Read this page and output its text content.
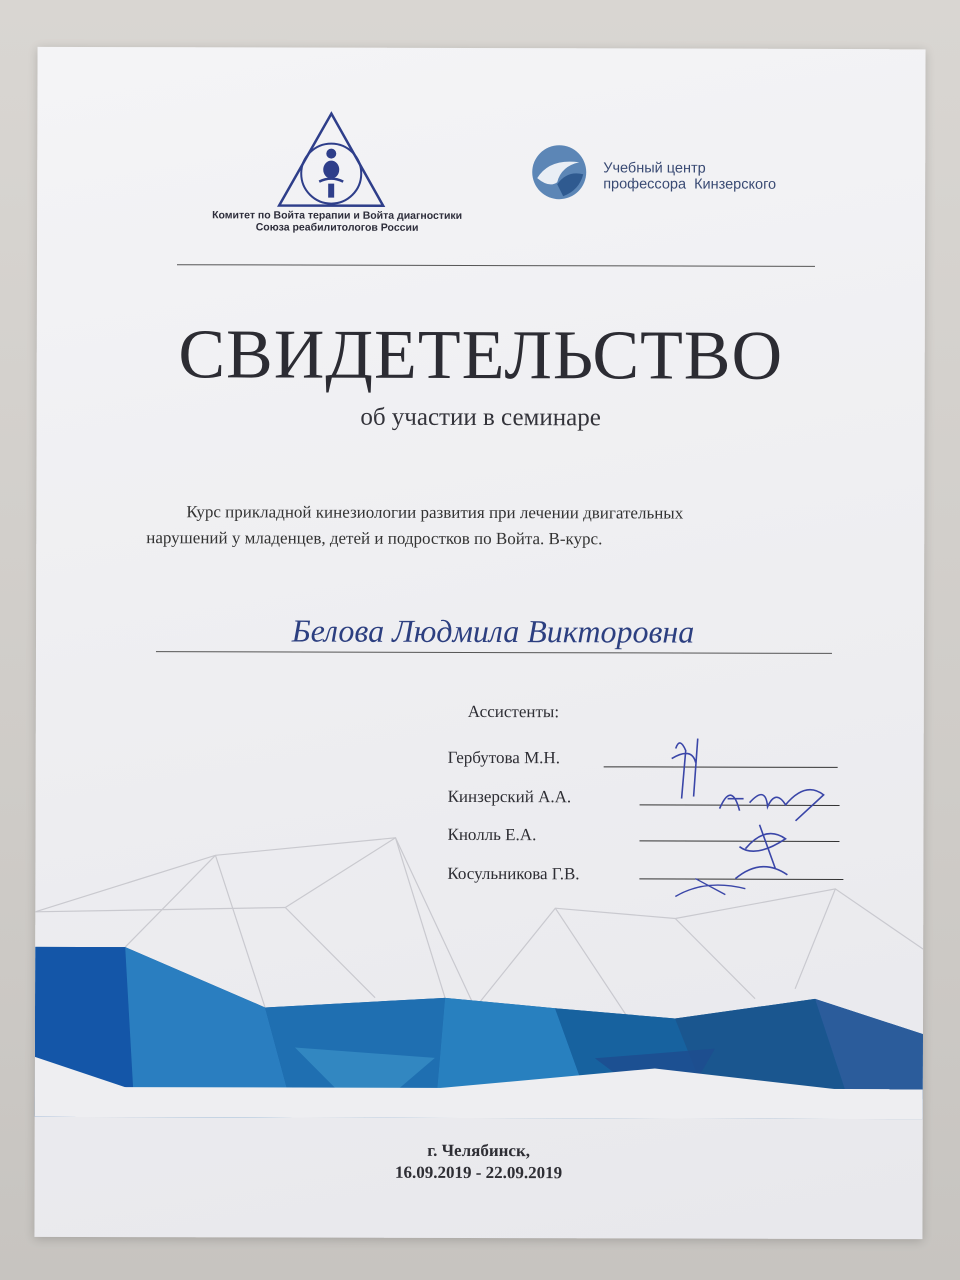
Комитет по Войта терапии и Войта диагностики
Союза реабилитологов России
Учебный центр
профессора  Кинзерского
СВИДЕТЕЛЬСТВО
об участии в семинаре
Курс прикладной кинезиологии развития при лечении двигательных
нарушений у младенцев, детей и подростков по Войта. В-курс.
Белова Людмила Викторовна
Ассистенты:
Гербутова М.Н.
Кинзерский А.А.
Кнолль Е.А.
Косульникова Г.В.
г. Челябинск,
16.09.2019 - 22.09.2019
